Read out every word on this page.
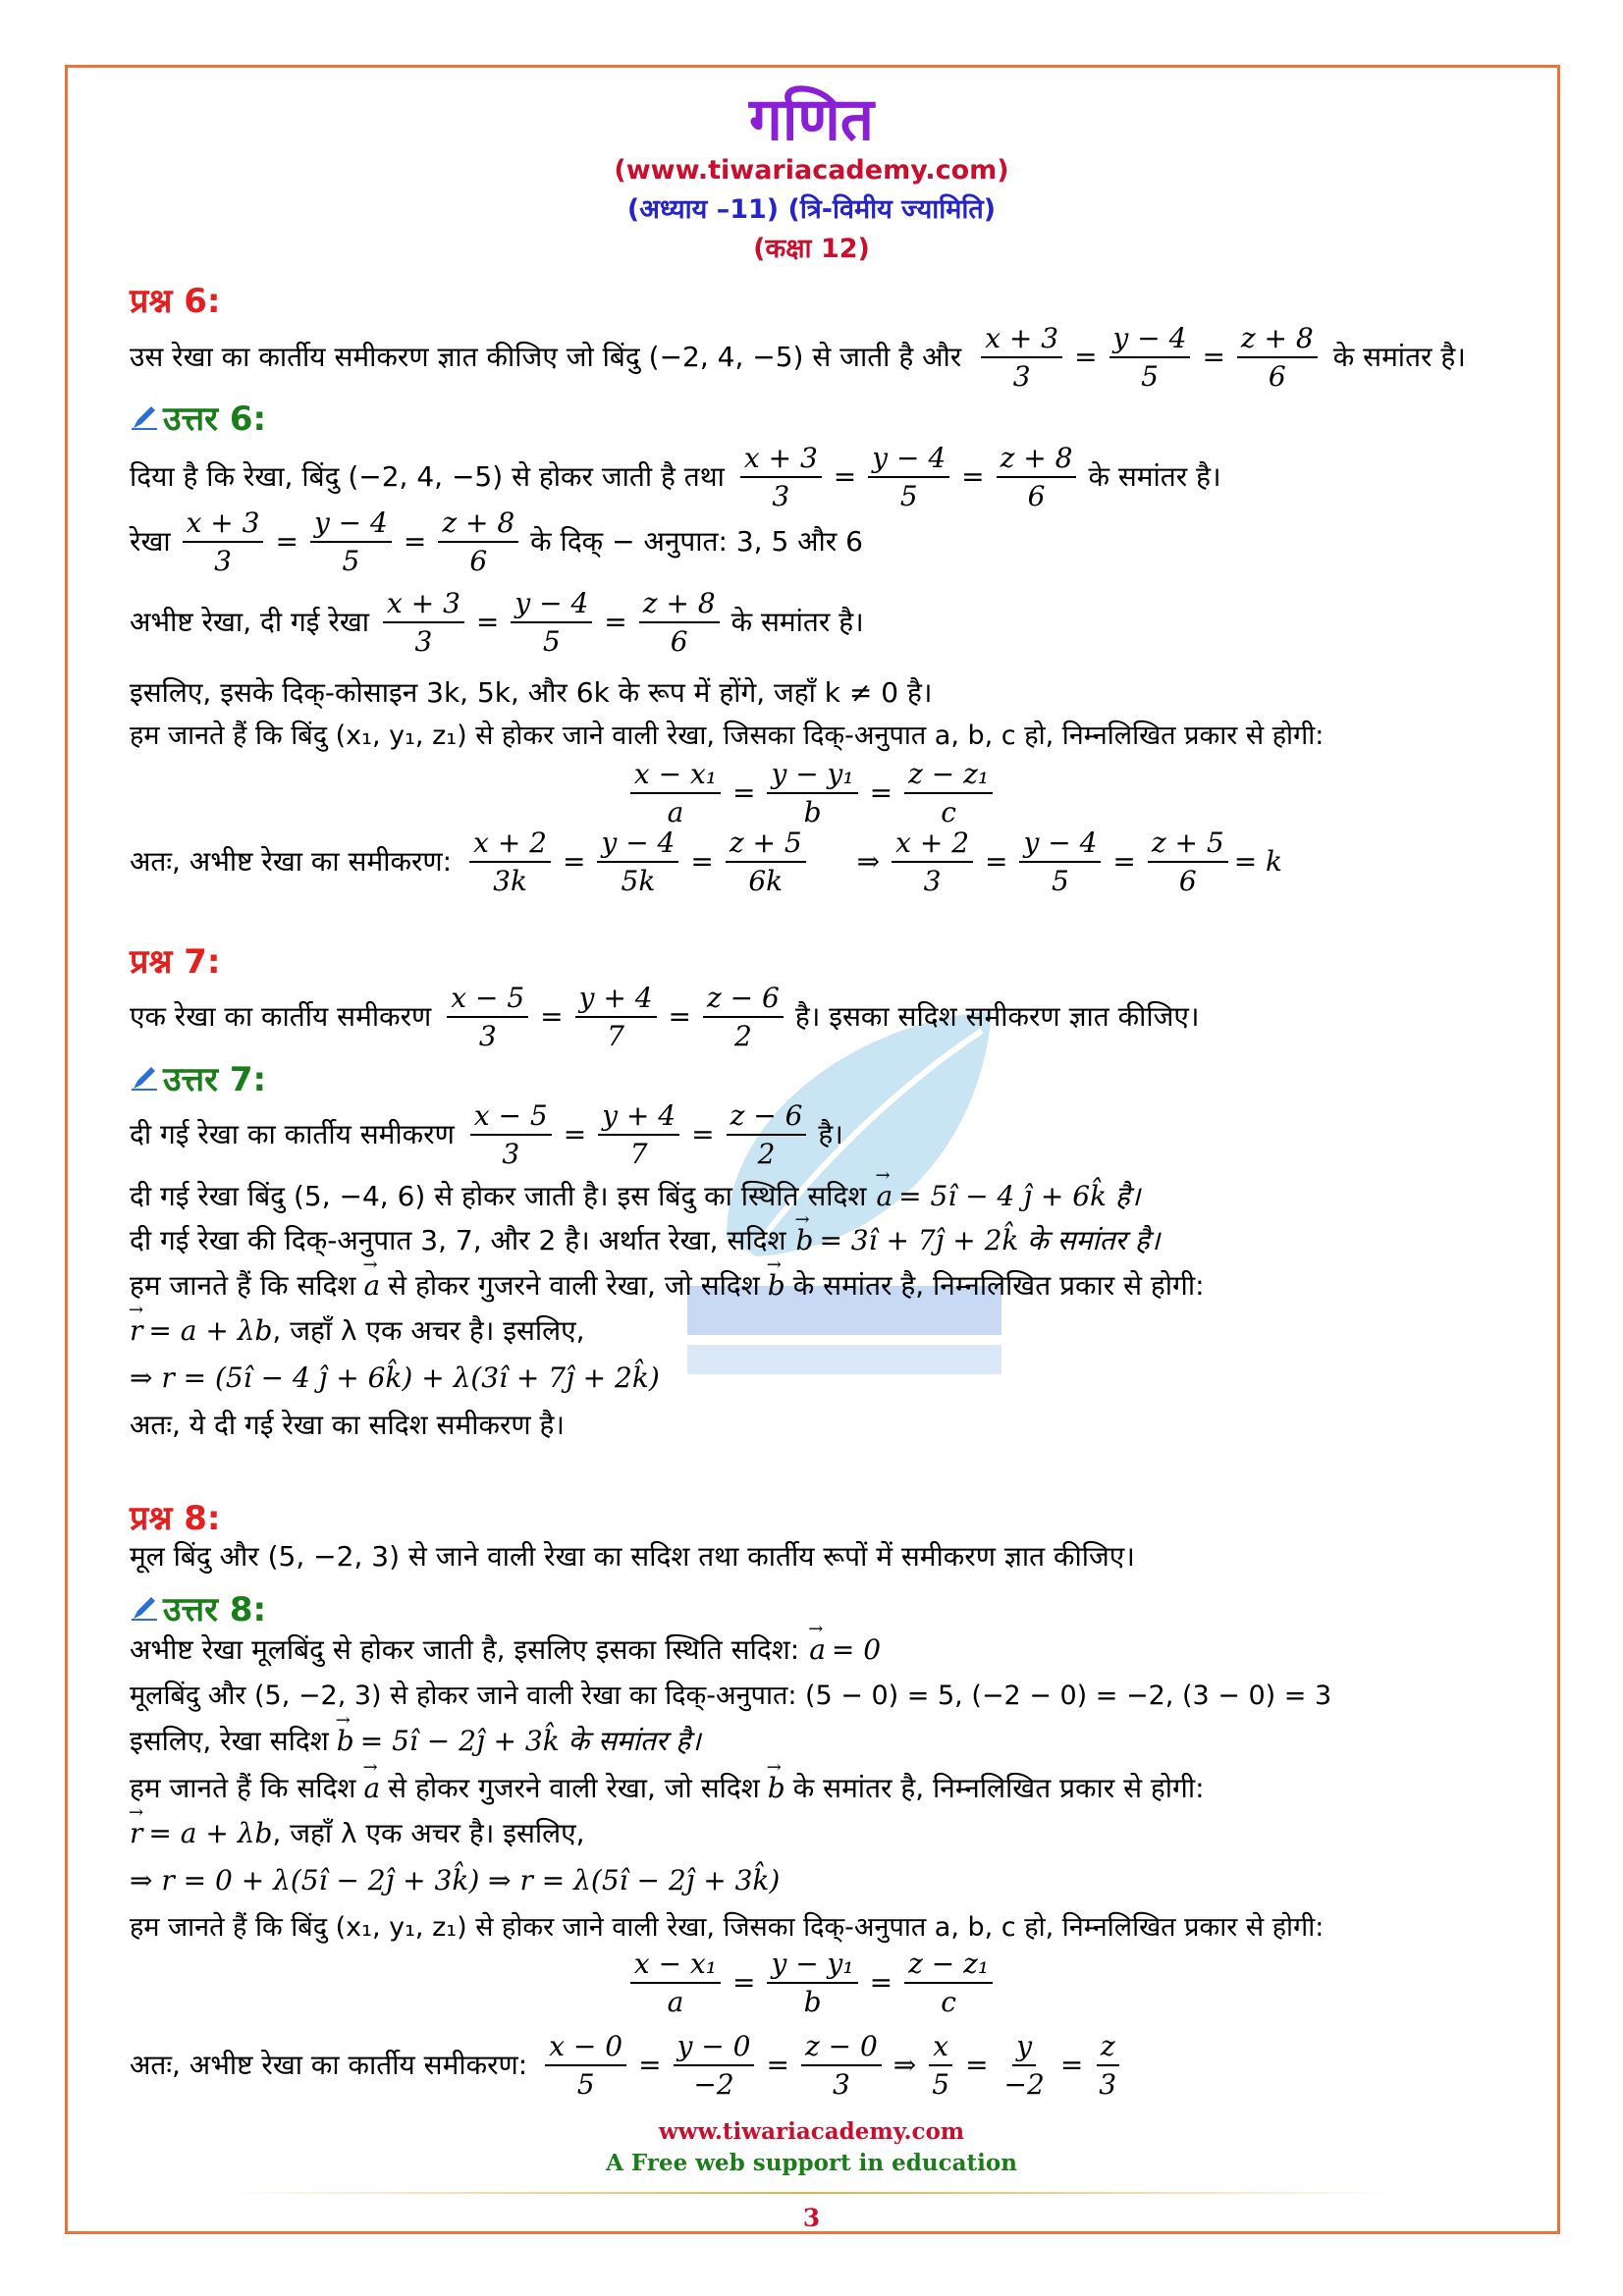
गणित
(www.tiwariacademy.com)
(अध्याय –11) (त्रि-विमीय ज्यामिति)
(कक्षा 12)
प्रश्न 6:
उस रेखा का कार्तीय समीकरण ज्ञात कीजिए जो बिंदु (−2, 4, −5) से जाती है और $\frac{x + 3}{3} = \frac{y - 4}{5} = \frac{z + 8}{6}$ के समांतर है।
उत्तर 6:
दिया है कि रेखा, बिंदु (−2, 4, −5) से होकर जाती है तथा $\frac{x + 3}{3} = \frac{y - 4}{5} = \frac{z + 8}{6}$ के समांतर है।
रेखा $\frac{x + 3}{3} = \frac{y - 4}{5} = \frac{z + 8}{6}$ के दिक् − अनुपात: 3, 5 और 6
अभीष्ट रेखा, दी गई रेखा $\frac{x + 3}{3} = \frac{y - 4}{5} = \frac{z + 8}{6}$ के समांतर है।
इसलिए, इसके दिक्-कोसाइन 3k, 5k, और 6k के रूप में होंगे, जहाँ k ≠ 0 है।
हम जानते हैं कि बिंदु (x₁, y₁, z₁) से होकर जाने वाली रेखा, जिसका दिक्-अनुपात a, b, c हो, निम्नलिखित प्रकार से होगी:
$\frac{\text{x − x₁}}{a} = \frac{\text{y − y₁}}{b} = \frac{\text{z − z₁}}{c}$
अतः, अभीष्ट रेखा का समीकरण: $\frac{x + 2}{3k} = \frac{y - 4}{5k} = \frac{z + 5}{6k}$ ⇒ $\frac{x + 2}{3} = \frac{y - 4}{5} = \frac{z + 5}{6} = k$
प्रश्न 7:
एक रेखा का कार्तीय समीकरण $\frac{x - 5}{3} = \frac{y + 4}{7} = \frac{z - 6}{2}$ है। इसका सदिश समीकरण ज्ञात कीजिए।
उत्तर 7:
दी गई रेखा का कार्तीय समीकरण $\frac{x - 5}{3} = \frac{y + 4}{7} = \frac{z - 6}{2}$ है।
दी गई रेखा बिंदु (5, −4, 6) से होकर जाती है। इस बिंदु का स्थिति सदिश → a = 5î − 4 ĵ + 6k̂ है।
दी गई रेखा की दिक्-अनुपात 3, 7, और 2 है। अर्थात रेखा, सदिश → b = 3î + 7ĵ + 2k̂ के समांतर है।
हम जानते हैं कि सदिश → a से होकर गुजरने वाली रेखा, जो सदिश → b के समांतर है, निम्नलिखित प्रकार से होगी:
→ r = a + λb , जहाँ λ एक अचर है। इसलिए,
⇒ r = (5î − 4 ĵ + 6k̂) + λ(3î + 7ĵ + 2k̂)
अतः, ये दी गई रेखा का सदिश समीकरण है।
प्रश्न 8:
मूल बिंदु और (5, −2, 3) से जाने वाली रेखा का सदिश तथा कार्तीय रूपों में समीकरण ज्ञात कीजिए।
उत्तर 8:
अभीष्ट रेखा मूलबिंदु से होकर जाती है, इसलिए इसका स्थिति सदिश: → a = 0
मूलबिंदु और (5, −2, 3) से होकर जाने वाली रेखा का दिक्-अनुपात: (5 − 0) = 5, (−2 − 0) = −2, (3 − 0) = 3
इसलिए, रेखा सदिश → b = 5î − 2ĵ + 3k̂ के समांतर है।
हम जानते हैं कि सदिश → a से होकर गुजरने वाली रेखा, जो सदिश → b के समांतर है, निम्नलिखित प्रकार से होगी:
→ r = a + λb , जहाँ λ एक अचर है। इसलिए,
⇒ r = 0 + λ(5î − 2ĵ + 3k̂) ⇒ r = λ(5î − 2ĵ + 3k̂)
हम जानते हैं कि बिंदु (x₁, y₁, z₁) से होकर जाने वाली रेखा, जिसका दिक्-अनुपात a, b, c हो, निम्नलिखित प्रकार से होगी:
$\frac{\text{x − x₁}}{a} = \frac{\text{y − y₁}}{b} = \frac{\text{z − z₁}}{c}$
अतः, अभीष्ट रेखा का कार्तीय समीकरण: $\frac{x - 0}{5} = \frac{y - 0}{-2} = \frac{z - 0}{3}$ ⇒ $\frac{x}{5} = \frac{y}{-2} = \frac{z}{3}$
www.tiwariacademy.com
A Free web support in education
3
